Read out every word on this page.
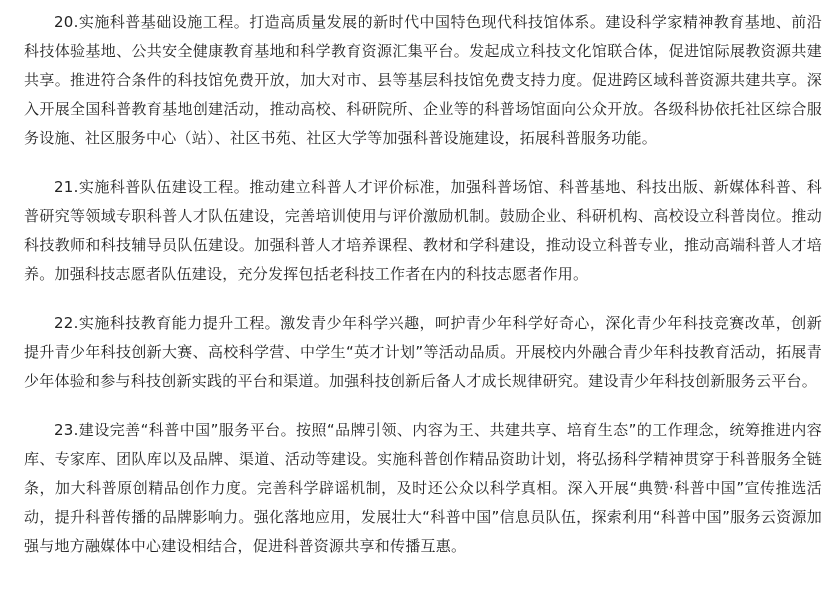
20.实施科普基础设施工程。打造高质量发展的新时代中国特色现代科技馆体系。建设科学家精神教育基地、前沿科技体验基地、公共安全健康教育基地和科学教育资源汇集平台。发起成立科技文化馆联合体，促进馆际展教资源共建共享。推进符合条件的科技馆免费开放，加大对市、县等基层科技馆免费支持力度。促进跨区域科普资源共建共享。深入开展全国科普教育基地创建活动，推动高校、科研院所、企业等的科普场馆面向公众开放。各级科协依托社区综合服务设施、社区服务中心（站）、社区书苑、社区大学等加强科普设施建设，拓展科普服务功能。

21.实施科普队伍建设工程。推动建立科普人才评价标准，加强科普场馆、科普基地、科技出版、新媒体科普、科普研究等领域专职科普人才队伍建设，完善培训使用与评价激励机制。鼓励企业、科研机构、高校设立科普岗位。推动科技教师和科技辅导员队伍建设。加强科普人才培养课程、教材和学科建设，推动设立科普专业，推动高端科普人才培养。加强科技志愿者队伍建设，充分发挥包括老科技工作者在内的科技志愿者作用。

22.实施科技教育能力提升工程。激发青少年科学兴趣，呵护青少年科学好奇心，深化青少年科技竞赛改革，创新提升青少年科技创新大赛、高校科学营、中学生“英才计划”等活动品质。开展校内外融合青少年科技教育活动，拓展青少年体验和参与科技创新实践的平台和渠道。加强科技创新后备人才成长规律研究。建设青少年科技创新服务云平台。

23.建设完善“科普中国”服务平台。按照“品牌引领、内容为王、共建共享、培育生态”的工作理念，统筹推进内容库、专家库、团队库以及品牌、渠道、活动等建设。实施科普创作精品资助计划，将弘扬科学精神贯穿于科普服务全链条，加大科普原创精品创作力度。完善科学辟谣机制，及时还公众以科学真相。深入开展“典赞·科普中国”宣传推选活动，提升科普传播的品牌影响力。强化落地应用，发展壮大“科普中国”信息员队伍，探索利用“科普中国”服务云资源加强与地方融媒体中心建设相结合，促进科普资源共享和传播互惠。
